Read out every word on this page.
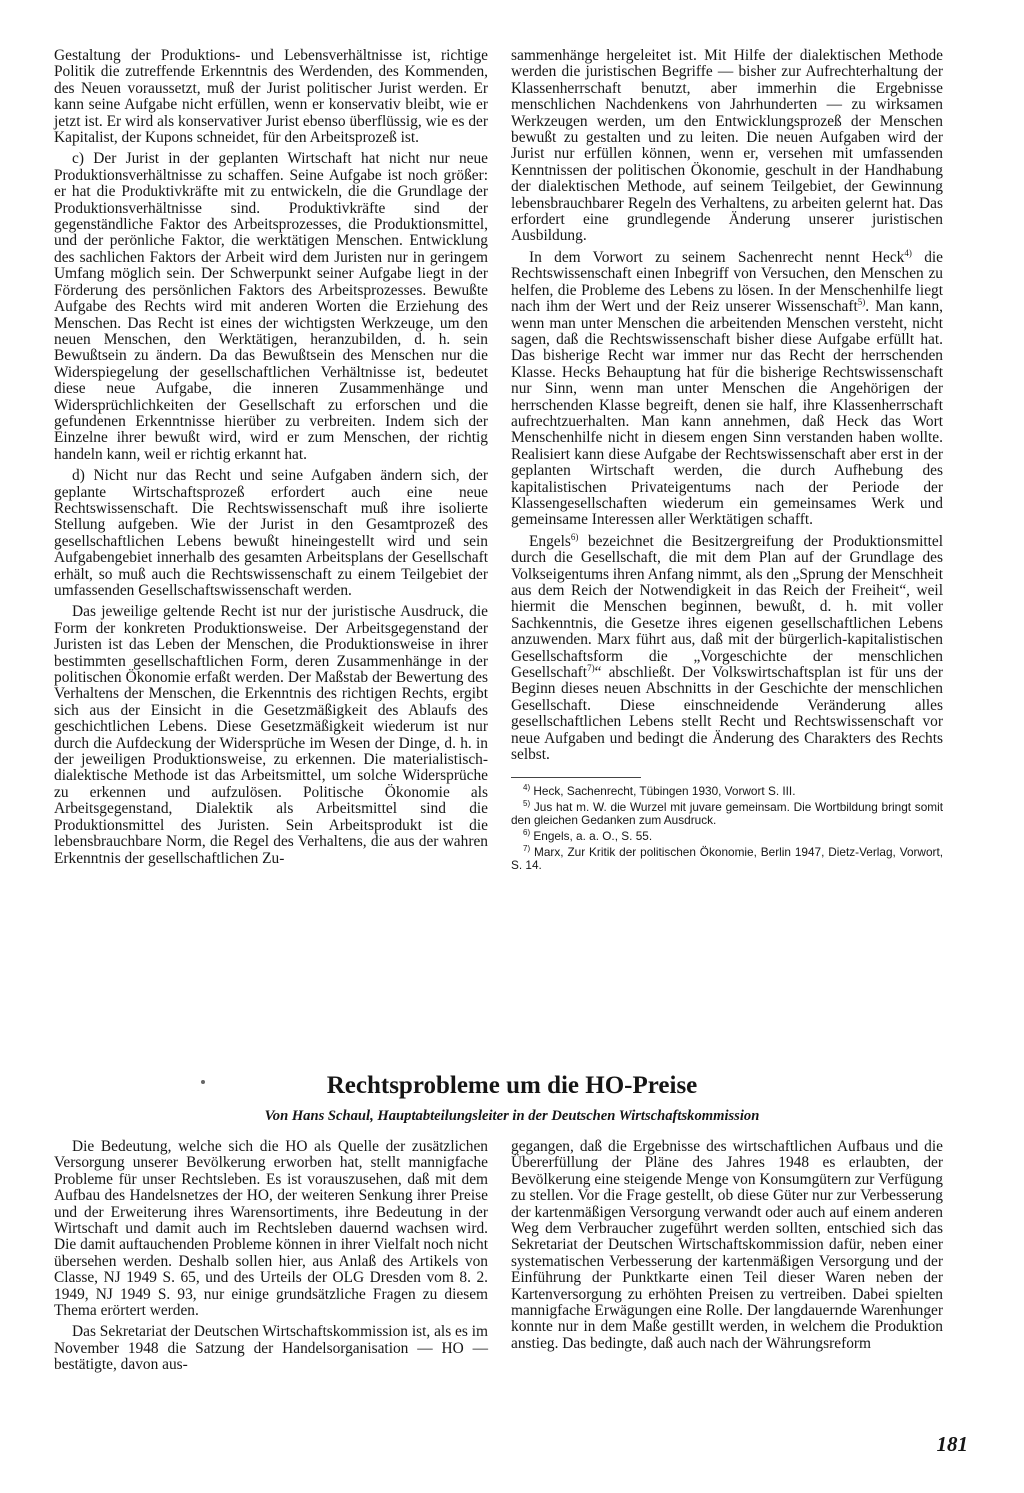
Gestaltung der Produktions- und Lebensverhältnisse ist, richtige Politik die zutreffende Erkenntnis des Werdenden, des Kommenden, des Neuen voraussetzt, muß der Jurist politischer Jurist werden. Er kann seine Aufgabe nicht erfüllen, wenn er konservativ bleibt, wie er jetzt ist. Er wird als konservativer Jurist ebenso überflüssig, wie es der Kapitalist, der Kupons schneidet, für den Arbeitsprozeß ist.

c) Der Jurist in der geplanten Wirtschaft hat nicht nur neue Produktionsverhältnisse zu schaffen. Seine Aufgabe ist noch größer: er hat die Produktivkräfte mit zu entwickeln, die die Grundlage der Produktionsverhältnisse sind. Produktivkräfte sind der gegenständliche Faktor des Arbeitsprozesses, die Produktionsmittel, und der perönliche Faktor, die werktätigen Menschen. Entwicklung des sachlichen Faktors der Arbeit wird dem Juristen nur in geringem Umfang möglich sein. Der Schwerpunkt seiner Aufgabe liegt in der Förderung des persönlichen Faktors des Arbeitsprozesses. Bewußte Aufgabe des Rechts wird mit anderen Worten die Erziehung des Menschen. Das Recht ist eines der wichtigsten Werkzeuge, um den neuen Menschen, den Werktätigen, heranzubilden, d. h. sein Bewußtsein zu ändern. Da das Bewußtsein des Menschen nur die Widerspiegelung der gesellschaftlichen Verhältnisse ist, bedeutet diese neue Aufgabe, die inneren Zusammenhänge und Widersprüchlichkeiten der Gesellschaft zu erforschen und die gefundenen Erkenntnisse hierüber zu verbreiten. Indem sich der Einzelne ihrer bewußt wird, wird er zum Menschen, der richtig handeln kann, weil er richtig erkannt hat.

d) Nicht nur das Recht und seine Aufgaben ändern sich, der geplante Wirtschaftsprozeß erfordert auch eine neue Rechtswissenschaft. Die Rechtswissenschaft muß ihre isolierte Stellung aufgeben. Wie der Jurist in den Gesamtprozeß des gesellschaftlichen Lebens bewußt hineingestellt wird und sein Aufgabengebiet innerhalb des gesamten Arbeitsplans der Gesellschaft erhält, so muß auch die Rechtswissenschaft zu einem Teilgebiet der umfassenden Gesellschaftswissenschaft werden.

Das jeweilige geltende Recht ist nur der juristische Ausdruck, die Form der konkreten Produktionsweise. Der Arbeitsgegenstand der Juristen ist das Leben der Menschen, die Produktionsweise in ihrer bestimmten gesellschaftlichen Form, deren Zusammenhänge in der politischen Ökonomie erfaßt werden. Der Maßstab der Bewertung des Verhaltens der Menschen, die Erkenntnis des richtigen Rechts, ergibt sich aus der Einsicht in die Gesetzmäßigkeit des Ablaufs des geschichtlichen Lebens. Diese Gesetzmäßigkeit wiederum ist nur durch die Aufdeckung der Widersprüche im Wesen der Dinge, d. h. in der jeweiligen Produktionsweise, zu erkennen. Die materialistisch-dialektische Methode ist das Arbeitsmittel, um solche Widersprüche zu erkennen und aufzulösen. Politische Ökonomie als Arbeitsgegenstand, Dialektik als Arbeitsmittel sind die Produktionsmittel des Juristen. Sein Arbeitsprodukt ist die lebensbrauchbare Norm, die Regel des Verhaltens, die aus der wahren Erkenntnis der gesellschaftlichen Zu-

sammenhänge hergeleitet ist. Mit Hilfe der dialektischen Methode werden die juristischen Begriffe — bisher zur Aufrechterhaltung der Klassenherrschaft benutzt, aber immerhin die Ergebnisse menschlichen Nachdenkens von Jahrhunderten — zu wirksamen Werkzeugen werden, um den Entwicklungsprozeß der Menschen bewußt zu gestalten und zu leiten. Die neuen Aufgaben wird der Jurist nur erfüllen können, wenn er, versehen mit umfassenden Kenntnissen der politischen Ökonomie, geschult in der Handhabung der dialektischen Methode, auf seinem Teilgebiet, der Gewinnung lebensbrauchbarer Regeln des Verhaltens, zu arbeiten gelernt hat. Das erfordert eine grundlegende Änderung unserer juristischen Ausbildung.

In dem Vorwort zu seinem Sachenrecht nennt Heck$^{4)}$ die Rechtswissenschaft einen Inbegriff von Versuchen, den Menschen zu helfen, die Probleme des Lebens zu lösen. In der Menschenhilfe liegt nach ihm der Wert und der Reiz unserer Wissenschaft$^{5)}$. Man kann, wenn man unter Menschen die arbeitenden Menschen versteht, nicht sagen, daß die Rechtswissenschaft bisher diese Aufgabe erfüllt hat. Das bisherige Recht war immer nur das Recht der herrschenden Klasse. Hecks Behauptung hat für die bisherige Rechtswissenschaft nur Sinn, wenn man unter Menschen die Angehörigen der herrschenden Klasse begreift, denen sie half, ihre Klassenherrschaft aufrechtzuerhalten. Man kann annehmen, daß Heck das Wort Menschenhilfe nicht in diesem engen Sinn verstanden haben wollte. Realisiert kann diese Aufgabe der Rechtswissenschaft aber erst in der geplanten Wirtschaft werden, die durch Aufhebung des kapitalistischen Privateigentums nach der Periode der Klassengesellschaften wiederum ein gemeinsames Werk und gemeinsame Interessen aller Werktätigen schafft.

Engels$^{6)}$ bezeichnet die Besitzergreifung der Produktionsmittel durch die Gesellschaft, die mit dem Plan auf der Grundlage des Volkseigentums ihren Anfang nimmt, als den „Sprung der Menschheit aus dem Reich der Notwendigkeit in das Reich der Freiheit“, weil hiermit die Menschen beginnen, bewußt, d. h. mit voller Sachkenntnis, die Gesetze ihres eigenen gesellschaftlichen Lebens anzuwenden. Marx führt aus, daß mit der bürgerlich-kapitalistischen Gesellschaftsform die „Vorgeschichte der menschlichen Gesellschaft$^{7)}$“ abschließt. Der Volkswirtschaftsplan ist für uns der Beginn dieses neuen Abschnitts in der Geschichte der menschlichen Gesellschaft. Diese einschneidende Veränderung alles gesellschaftlichen Lebens stellt Recht und Rechtswissenschaft vor neue Aufgaben und bedingt die Änderung des Charakters des Rechts selbst.

$^{4)}$ Heck, Sachenrecht, Tübingen 1930, Vorwort S. III.
$^{5)}$ Jus hat m. W. die Wurzel mit juvare gemeinsam. Die Wortbildung bringt somit den gleichen Gedanken zum Ausdruck.
$^{6)}$ Engels, a. a. O., S. 55.
$^{7)}$ Marx, Zur Kritik der politischen Ökonomie, Berlin 1947, Dietz-Verlag, Vorwort, S. 14.
Rechtsprobleme um die HO-Preise

Von Hans Schaul, Hauptabteilungsleiter in der Deutschen Wirtschaftskommission

Die Bedeutung, welche sich die HO als Quelle der zusätzlichen Versorgung unserer Bevölkerung erworben hat, stellt mannigfache Probleme für unser Rechtsleben. Es ist vorauszusehen, daß mit dem Aufbau des Handelsnetzes der HO, der weiteren Senkung ihrer Preise und der Erweiterung ihres Warensortiments, ihre Bedeutung in der Wirtschaft und damit auch im Rechtsleben dauernd wachsen wird. Die damit auftauchenden Probleme können in ihrer Vielfalt noch nicht übersehen werden. Deshalb sollen hier, aus Anlaß des Artikels von Classe, NJ 1949 S. 65, und des Urteils der OLG Dresden vom 8. 2. 1949, NJ 1949 S. 93, nur einige grundsätzliche Fragen zu diesem Thema erörtert werden.

Das Sekretariat der Deutschen Wirtschaftskommission ist, als es im November 1948 die Satzung der Handelsorganisation — HO — bestätigte, davon aus-

gegangen, daß die Ergebnisse des wirtschaftlichen Aufbaus und die Übererfüllung der Pläne des Jahres 1948 es erlaubten, der Bevölkerung eine steigende Menge von Konsumgütern zur Verfügung zu stellen. Vor die Frage gestellt, ob diese Güter nur zur Verbesserung der kartenmäßigen Versorgung verwandt oder auch auf einem anderen Weg dem Verbraucher zugeführt werden sollten, entschied sich das Sekretariat der Deutschen Wirtschaftskommission dafür, neben einer systematischen Verbesserung der kartenmäßigen Versorgung und der Einführung der Punktkarte einen Teil dieser Waren neben der Kartenversorgung zu erhöhten Preisen zu vertreiben. Dabei spielten mannigfache Erwägungen eine Rolle. Der langdauernde Warenhunger konnte nur in dem Maße gestillt werden, in welchem die Produktion anstieg. Das bedingte, daß auch nach der Währungsreform

181
